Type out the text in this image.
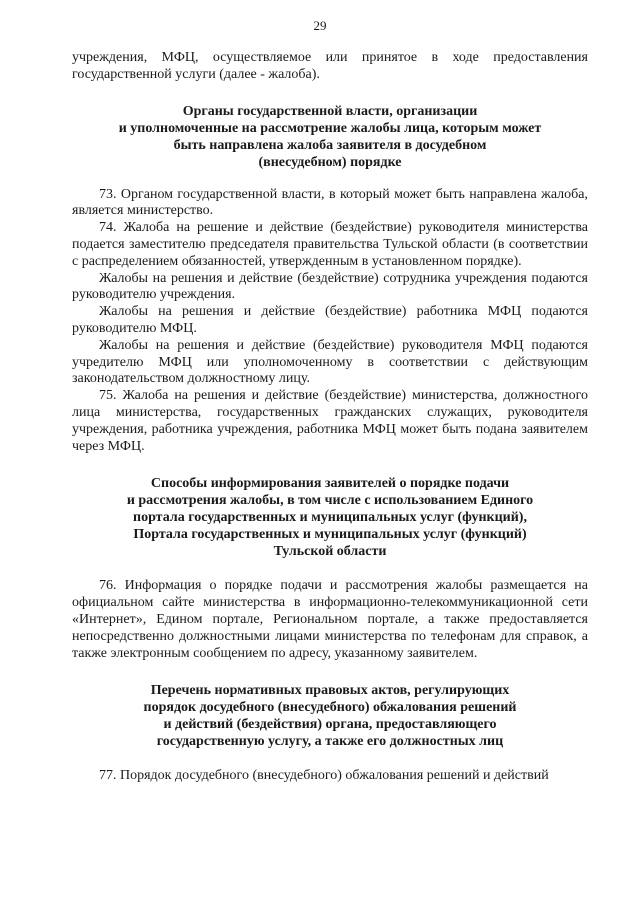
29

учреждения, МФЦ, осуществляемое или принятое в ходе предоставления государственной услуги (далее - жалоба).

Органы государственной власти, организации
и уполномоченные на рассмотрение жалобы лица, которым может
быть направлена жалоба заявителя в досудебном
(внесудебном) порядке

73. Органом государственной власти, в который может быть направлена жалоба, является министерство.

74. Жалоба на решение и действие (бездействие) руководителя министерства подается заместителю председателя правительства Тульской области (в соответствии с распределением обязанностей, утвержденным в установленном порядке).

Жалобы на решения и действие (бездействие) сотрудника учреждения подаются руководителю учреждения.

Жалобы на решения и действие (бездействие) работника МФЦ подаются руководителю МФЦ.

Жалобы на решения и действие (бездействие) руководителя МФЦ подаются учредителю МФЦ или уполномоченному в соответствии с действующим законодательством должностному лицу.

75. Жалоба на решения и действие (бездействие) министерства, должностного лица министерства, государственных гражданских служащих, руководителя учреждения, работника учреждения, работника МФЦ может быть подана заявителем через МФЦ.

Способы информирования заявителей о порядке подачи
и рассмотрения жалобы, в том числе с использованием Единого
портала государственных и муниципальных услуг (функций),
Портала государственных и муниципальных услуг (функций)
Тульской области

76. Информация о порядке подачи и рассмотрения жалобы размещается на официальном сайте министерства в информационно-телекоммуникационной сети «Интернет», Едином портале, Региональном портале, а также предоставляется непосредственно должностными лицами министерства по телефонам для справок, а также электронным сообщением по адресу, указанному заявителем.

Перечень нормативных правовых актов, регулирующих
порядок досудебного (внесудебного) обжалования решений
и действий (бездействия) органа, предоставляющего
государственную услугу, а также его должностных лиц

77. Порядок досудебного (внесудебного) обжалования решений и действий
